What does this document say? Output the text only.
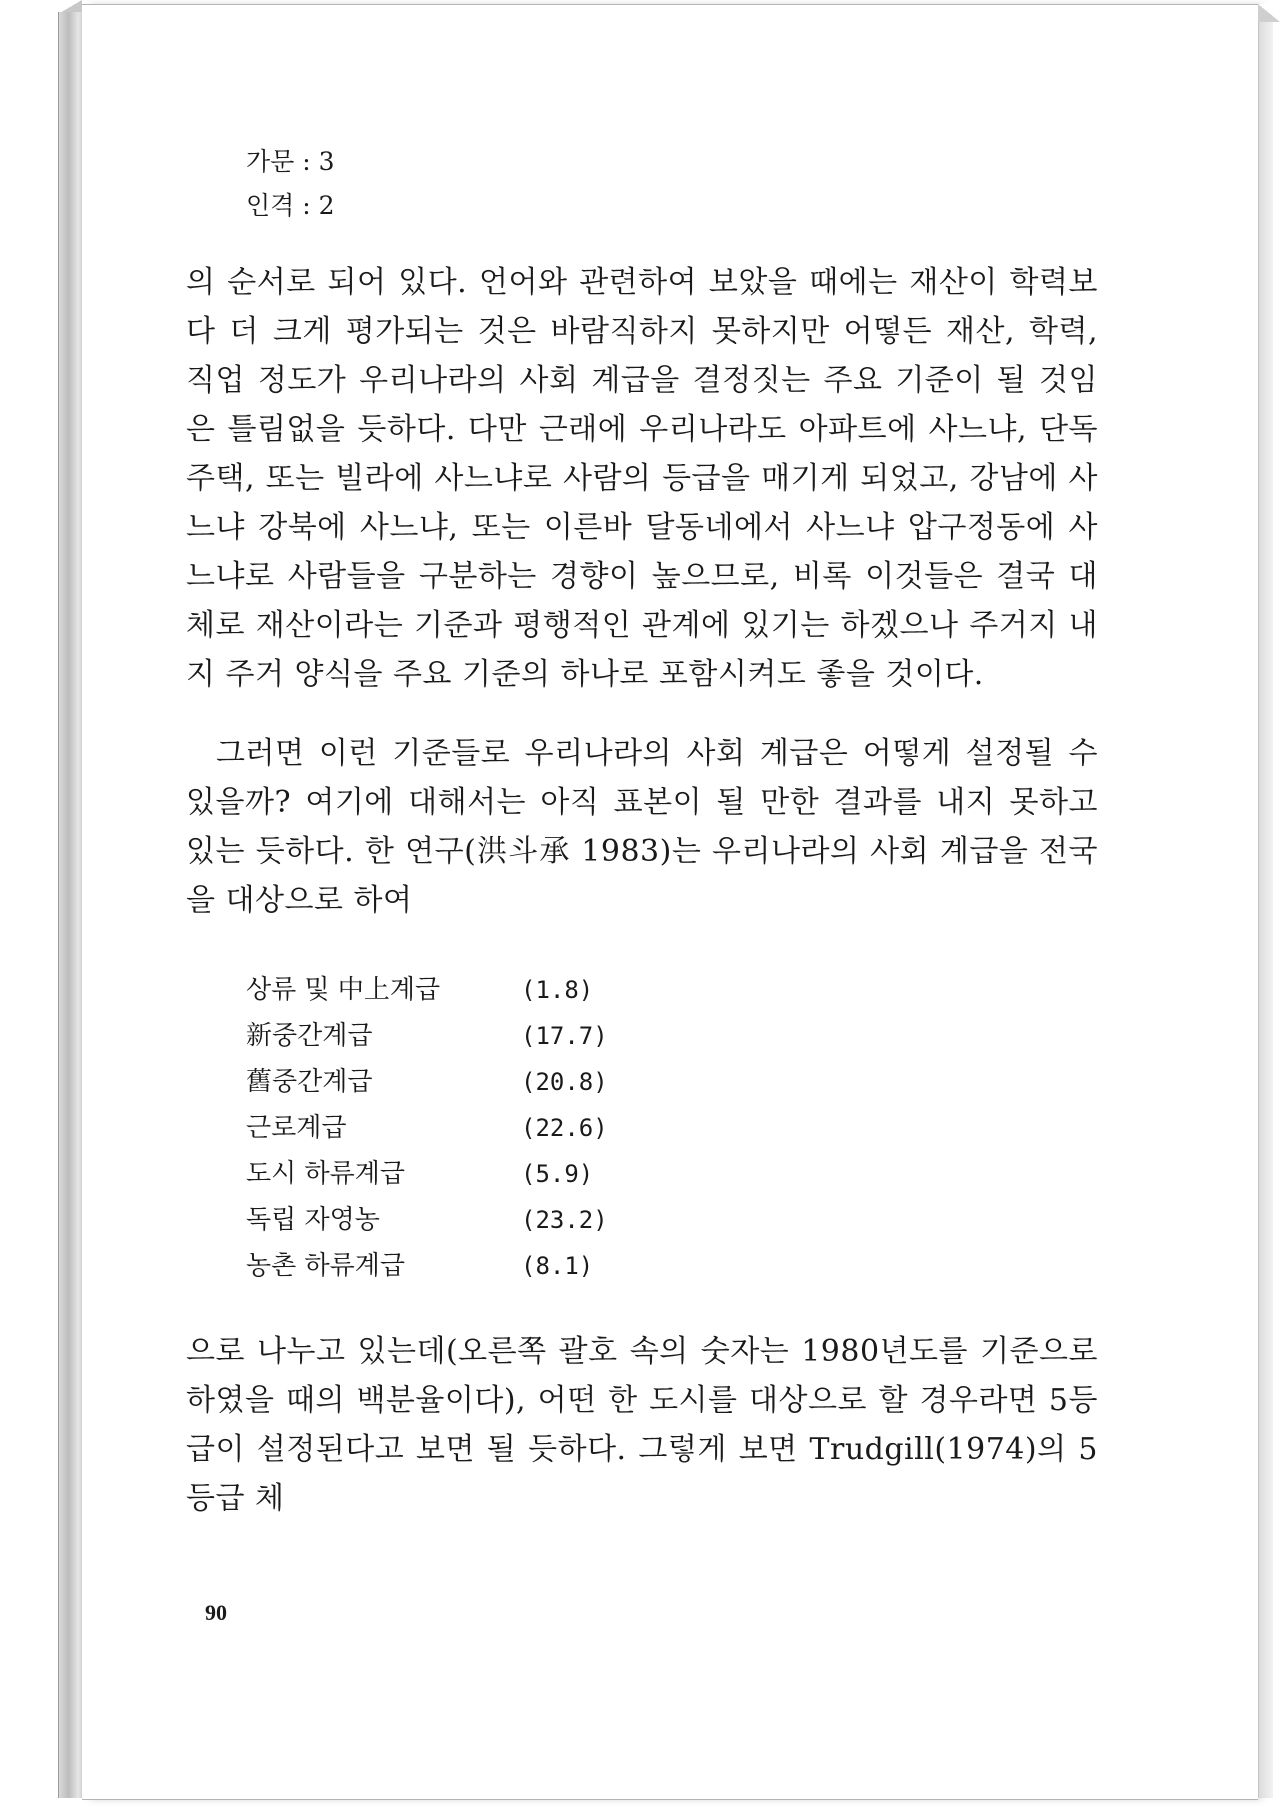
가문 : 3
인격 : 2

의 순서로 되어 있다. 언어와 관련하여 보았을 때에는 재산이 학력보다 더 크게 평가되는 것은 바람직하지 못하지만 어떻든 재산, 학력, 직업 정도가 우리나라의 사회 계급을 결정짓는 주요 기준이 될 것임은 틀림없을 듯하다. 다만 근래에 우리나라도 아파트에 사느냐, 단독 주택, 또는 빌라에 사느냐로 사람의 등급을 매기게 되었고, 강남에 사느냐 강북에 사느냐, 또는 이른바 달동네에서 사느냐 압구정동에 사느냐로 사람들을 구분하는 경향이 높으므로, 비록 이것들은 결국 대체로 재산이라는 기준과 평행적인 관계에 있기는 하겠으나 주거지 내지 주거 양식을 주요 기준의 하나로 포함시켜도 좋을 것이다.

그러면 이런 기준들로 우리나라의 사회 계급은 어떻게 설정될 수 있을까? 여기에 대해서는 아직 표본이 될 만한 결과를 내지 못하고 있는 듯하다. 한 연구(洪斗承 1983)는 우리나라의 사회 계급을 전국을 대상으로 하여

상류 및 中上계급	(1.8)
新중간계급	(17.7)
舊중간계급	(20.8)
근로계급	(22.6)
도시 하류계급	(5.9)
독립 자영농	(23.2)
농촌 하류계급	(8.1)

으로 나누고 있는데(오른쪽 괄호 속의 숫자는 1980년도를 기준으로 하였을 때의 백분율이다), 어떤 한 도시를 대상으로 할 경우라면 5등급이 설정된다고 보면 될 듯하다. 그렇게 보면 Trudgill(1974)의 5등급 체

90
